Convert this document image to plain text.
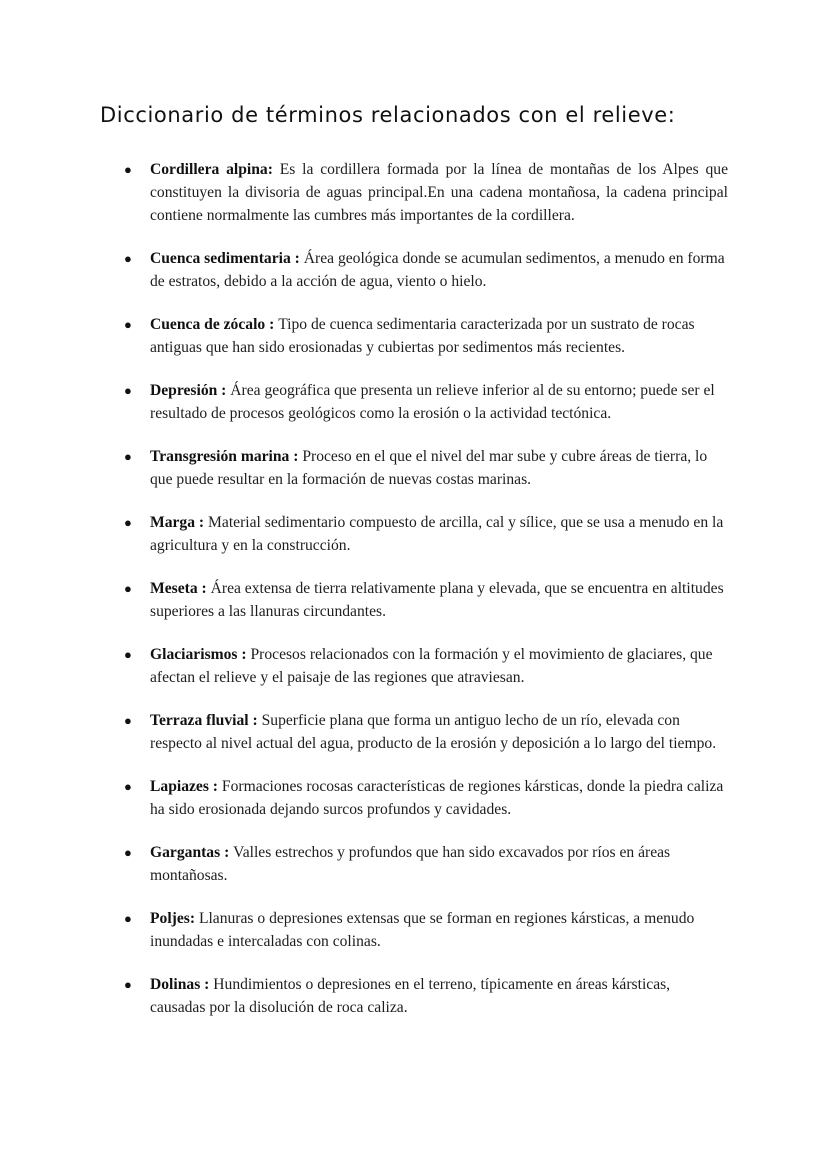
Diccionario de términos relacionados con el relieve:
● Cordillera alpina: Es la cordillera formada por la línea de montañas de los Alpes que constituyen la divisoria de aguas principal.En una cadena montañosa, la cadena principal contiene normalmente las cumbres más importantes de la cordillera.
● Cuenca sedimentaria : Área geológica donde se acumulan sedimentos, a menudo en forma de estratos, debido a la acción de agua, viento o hielo.
● Cuenca de zócalo : Tipo de cuenca sedimentaria caracterizada por un sustrato de rocas antiguas que han sido erosionadas y cubiertas por sedimentos más recientes.
● Depresión : Área geográfica que presenta un relieve inferior al de su entorno; puede ser el resultado de procesos geológicos como la erosión o la actividad tectónica.
● Transgresión marina : Proceso en el que el nivel del mar sube y cubre áreas de tierra, lo que puede resultar en la formación de nuevas costas marinas.
● Marga : Material sedimentario compuesto de arcilla, cal y sílice, que se usa a menudo en la agricultura y en la construcción.
● Meseta : Área extensa de tierra relativamente plana y elevada, que se encuentra en altitudes superiores a las llanuras circundantes.
● Glaciarismos : Procesos relacionados con la formación y el movimiento de glaciares, que afectan el relieve y el paisaje de las regiones que atraviesan.
● Terraza fluvial : Superficie plana que forma un antiguo lecho de un río, elevada con respecto al nivel actual del agua, producto de la erosión y deposición a lo largo del tiempo.
● Lapiazes : Formaciones rocosas características de regiones kársticas, donde la piedra caliza ha sido erosionada dejando surcos profundos y cavidades.
● Gargantas : Valles estrechos y profundos que han sido excavados por ríos en áreas montañosas.
● Poljes: Llanuras o depresiones extensas que se forman en regiones kársticas, a menudo inundadas e intercaladas con colinas.
● Dolinas : Hundimientos o depresiones en el terreno, típicamente en áreas kársticas, causadas por la disolución de roca caliza.
